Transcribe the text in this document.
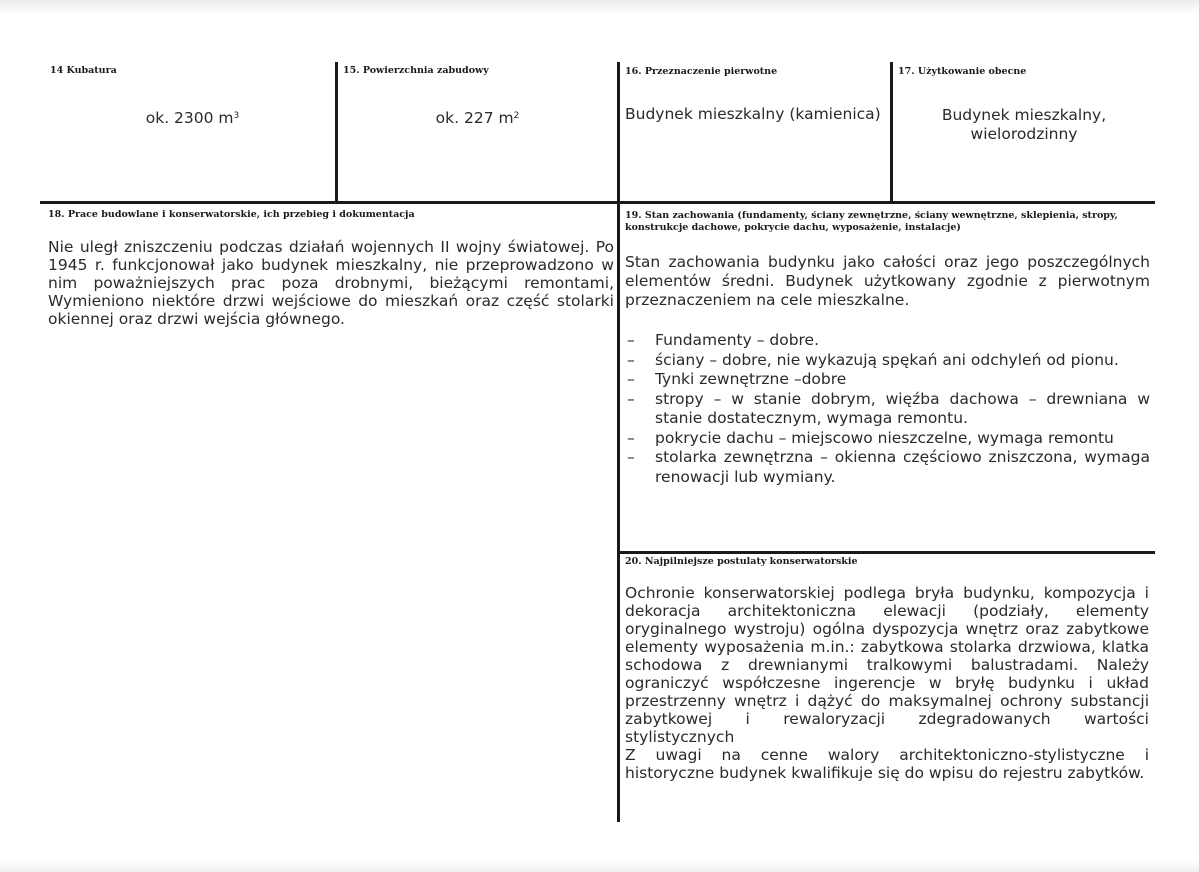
14 Kubatura
ok. 2300 $m^3$
15. Powierzchnia zabudowy
ok. 227 $m^2$
16. Przeznaczenie pierwotne
Budynek mieszkalny (kamienica)
17. Użytkowanie obecne
Budynek mieszkalny,
wielorodzinny
18. Prace budowlane i konserwatorskie, ich przebieg i dokumentacja
Nie uległ zniszczeniu podczas działań wojennych II wojny światowej. Po 1945 r. funkcjonował jako budynek mieszkalny, nie przeprowadzono w nim poważniejszych prac poza drobnymi, bieżącymi remontami, Wymieniono niektóre drzwi wejściowe do mieszkań oraz część stolarki okiennej oraz drzwi wejścia głównego.
19. Stan zachowania (fundamenty, ściany zewnętrzne, ściany wewnętrzne, sklepienia, stropy, konstrukcje dachowe, pokrycie dachu, wyposażenie, instalacje)
Stan zachowania budynku jako całości oraz jego poszczególnych elementów średni. Budynek użytkowany zgodnie z pierwotnym przeznaczeniem na cele mieszkalne.
– Fundamenty – dobre.
– ściany – dobre, nie wykazują spękań ani odchyleń od pionu.
– Tynki zewnętrzne –dobre
– stropy – w stanie dobrym, więźba dachowa – drewniana w stanie dostatecznym, wymaga remontu.
– pokrycie dachu – miejscowo nieszczelne, wymaga remontu
– stolarka zewnętrzna – okienna częściowo zniszczona, wymaga renowacji lub wymiany.
20. Najpilniejsze postulaty konserwatorskie

Ochronie konserwatorskiej podlega bryła budynku, kompozycja i dekoracja architektoniczna elewacji (podziały, elementy oryginalnego wystroju) ogólna dyspozycja wnętrz oraz zabytkowe elementy wyposażenia m.in.: zabytkowa stolarka drzwiowa, klatka schodowa z drewnianymi tralkowymi balustradami. Należy ograniczyć współczesne ingerencje w bryłę budynku i układ przestrzenny wnętrz i dążyć do maksymalnej ochrony substancji zabytkowej i rewaloryzacji zdegradowanych wartości stylistycznych

Z uwagi na cenne walory architektoniczno-stylistyczne i historyczne budynek kwalifikuje się do wpisu do rejestru zabytków.
